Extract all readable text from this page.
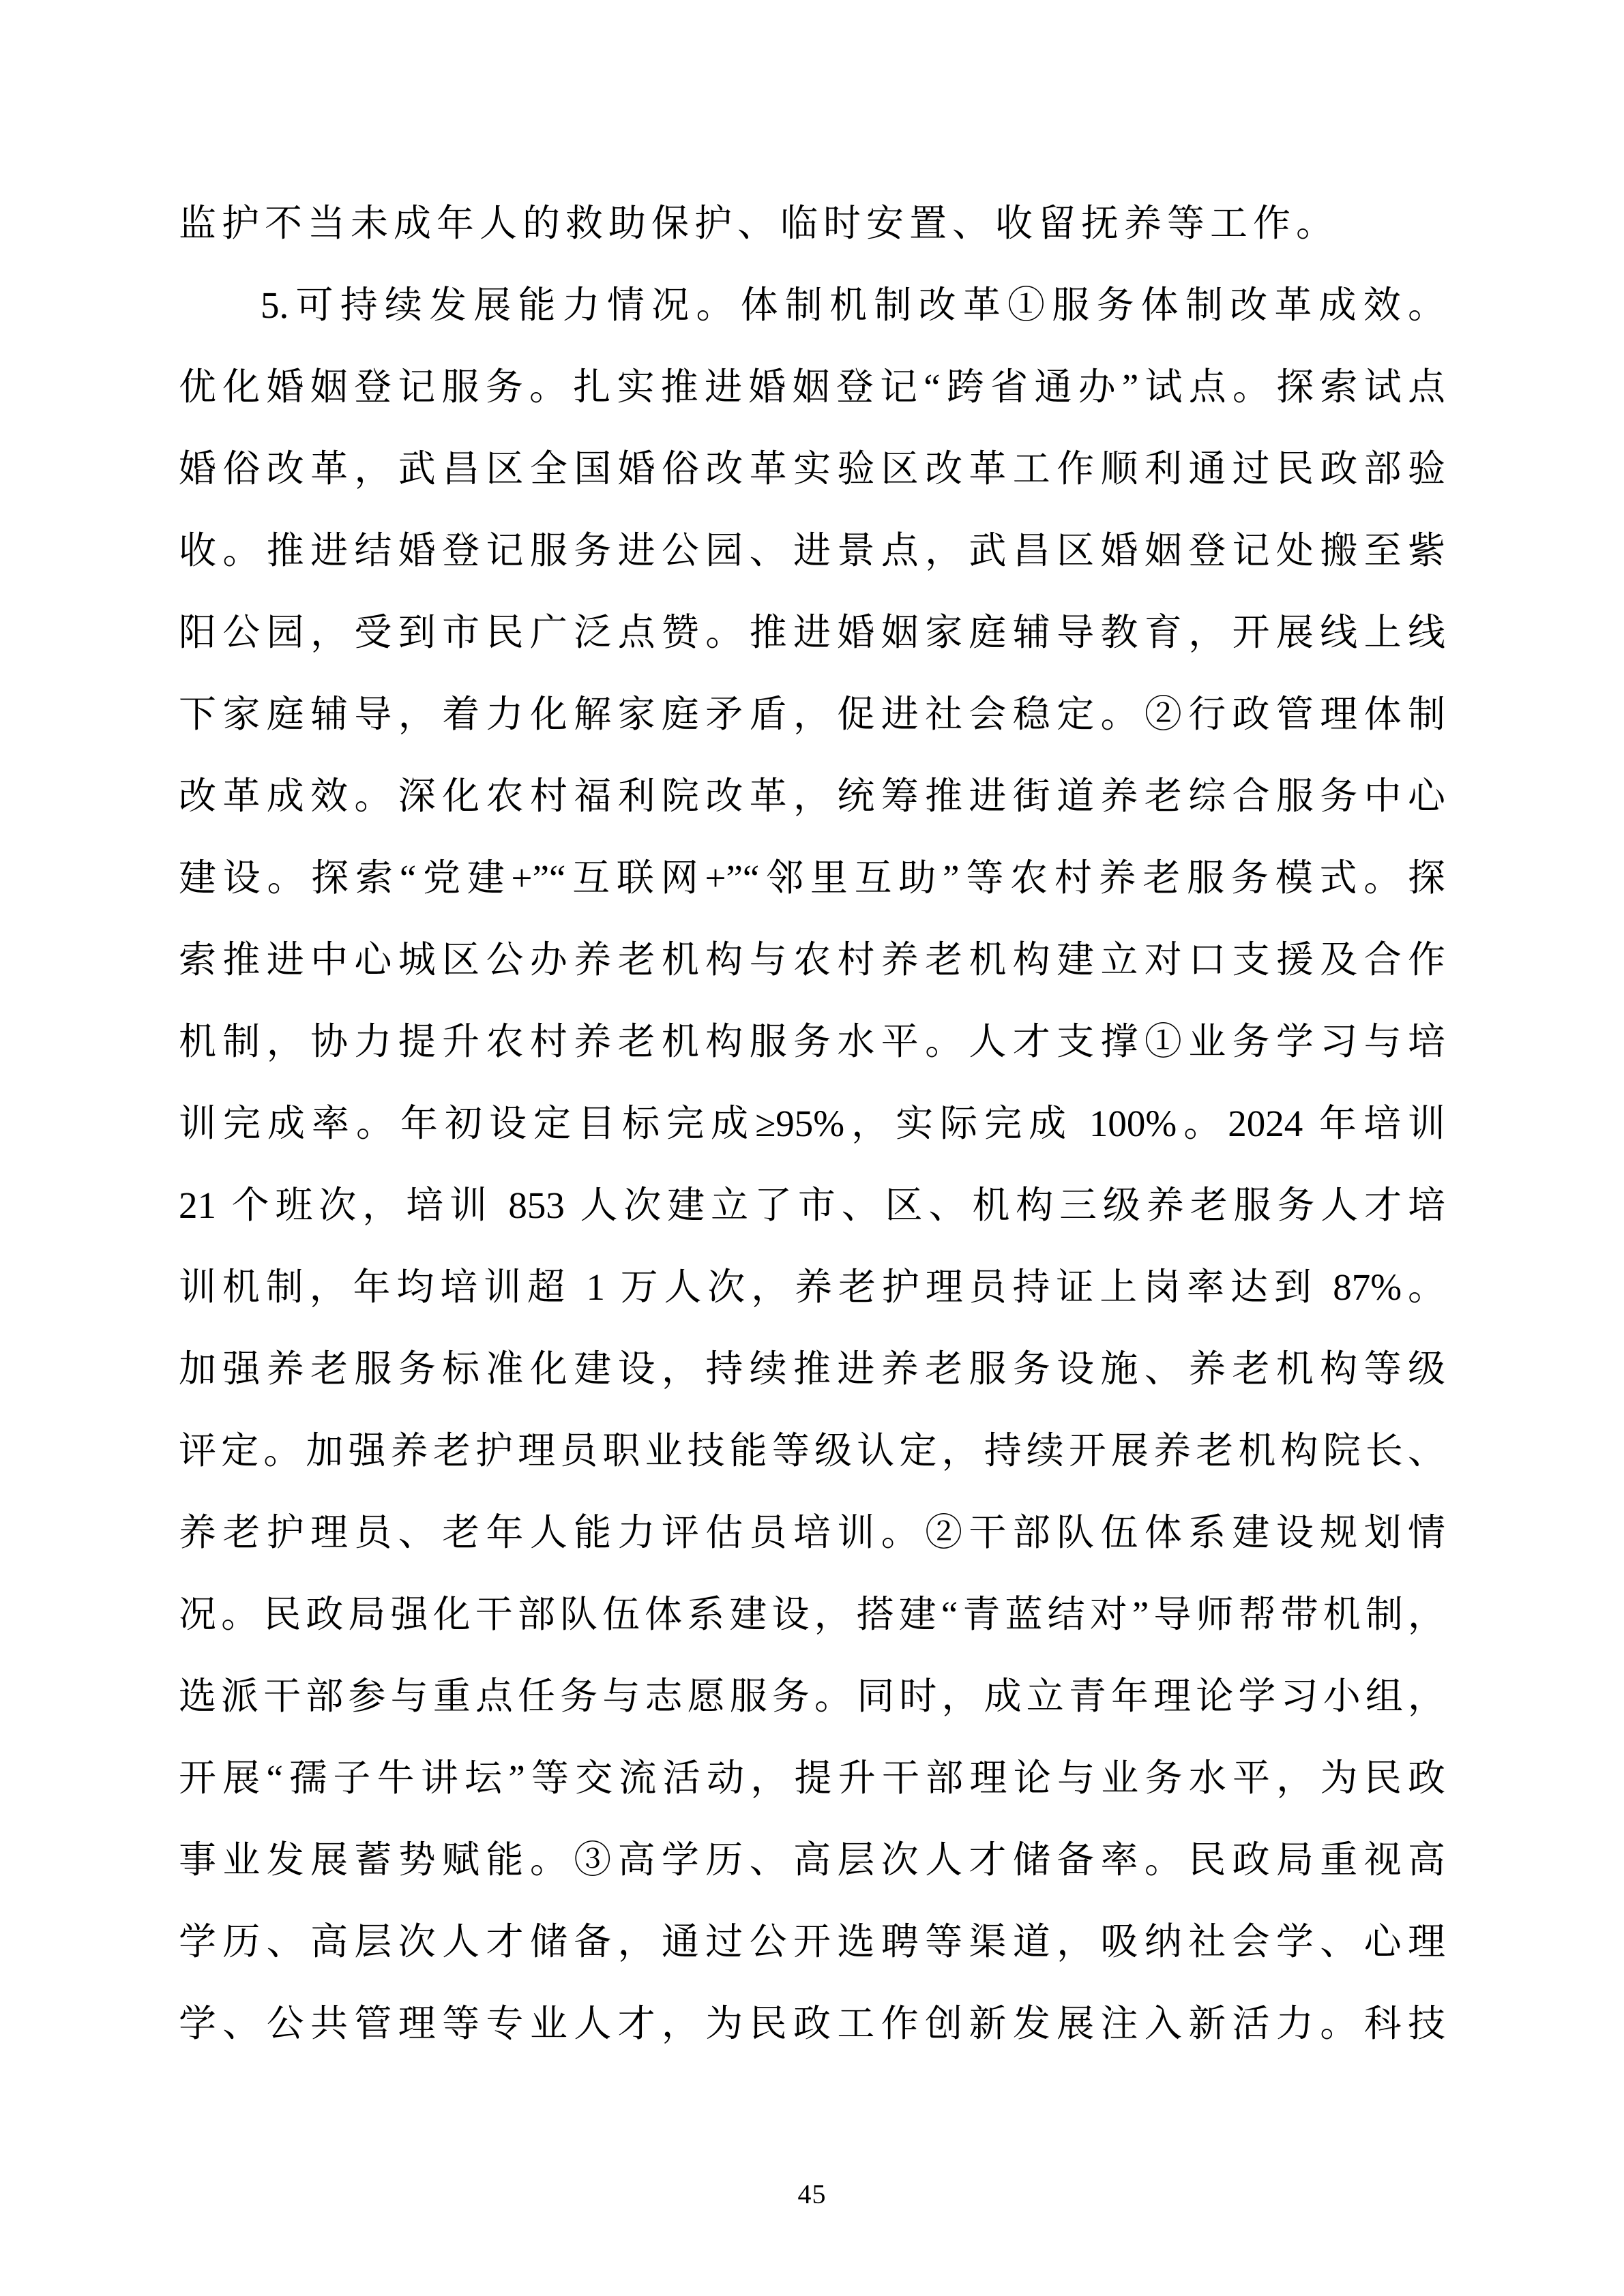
监护不当未成年人的救助保护、临时安置、收留抚养等工作。
5.可持续发展能力情况。体制机制改革①服务体制改革成效。
优化婚姻登记服务。扎实推进婚姻登记“跨省通办”试点。探索试点
婚俗改革，武昌区全国婚俗改革实验区改革工作顺利通过民政部验
收。推进结婚登记服务进公园、进景点，武昌区婚姻登记处搬至紫
阳公园，受到市民广泛点赞。推进婚姻家庭辅导教育，开展线上线
下家庭辅导，着力化解家庭矛盾，促进社会稳定。②行政管理体制
改革成效。深化农村福利院改革，统筹推进街道养老综合服务中心
建设。探索“党建+”“互联网+”“邻里互助”等农村养老服务模式。探
索推进中心城区公办养老机构与农村养老机构建立对口支援及合作
机制，协力提升农村养老机构服务水平。人才支撑①业务学习与培
训完成率。年初设定目标完成≥95%，实际完成 100%。2024 年培训
21 个班次，培训 853 人次建立了市、区、机构三级养老服务人才培
训机制，年均培训超 1 万人次，养老护理员持证上岗率达到 87%。
加强养老服务标准化建设，持续推进养老服务设施、养老机构等级
评定。加强养老护理员职业技能等级认定，持续开展养老机构院长、
养老护理员、老年人能力评估员培训。②干部队伍体系建设规划情
况。民政局强化干部队伍体系建设，搭建“青蓝结对”导师帮带机制，
选派干部参与重点任务与志愿服务。同时，成立青年理论学习小组，
开展“孺子牛讲坛”等交流活动，提升干部理论与业务水平，为民政
事业发展蓄势赋能。③高学历、高层次人才储备率。民政局重视高
学历、高层次人才储备，通过公开选聘等渠道，吸纳社会学、心理
学、公共管理等专业人才，为民政工作创新发展注入新活力。科技
45
